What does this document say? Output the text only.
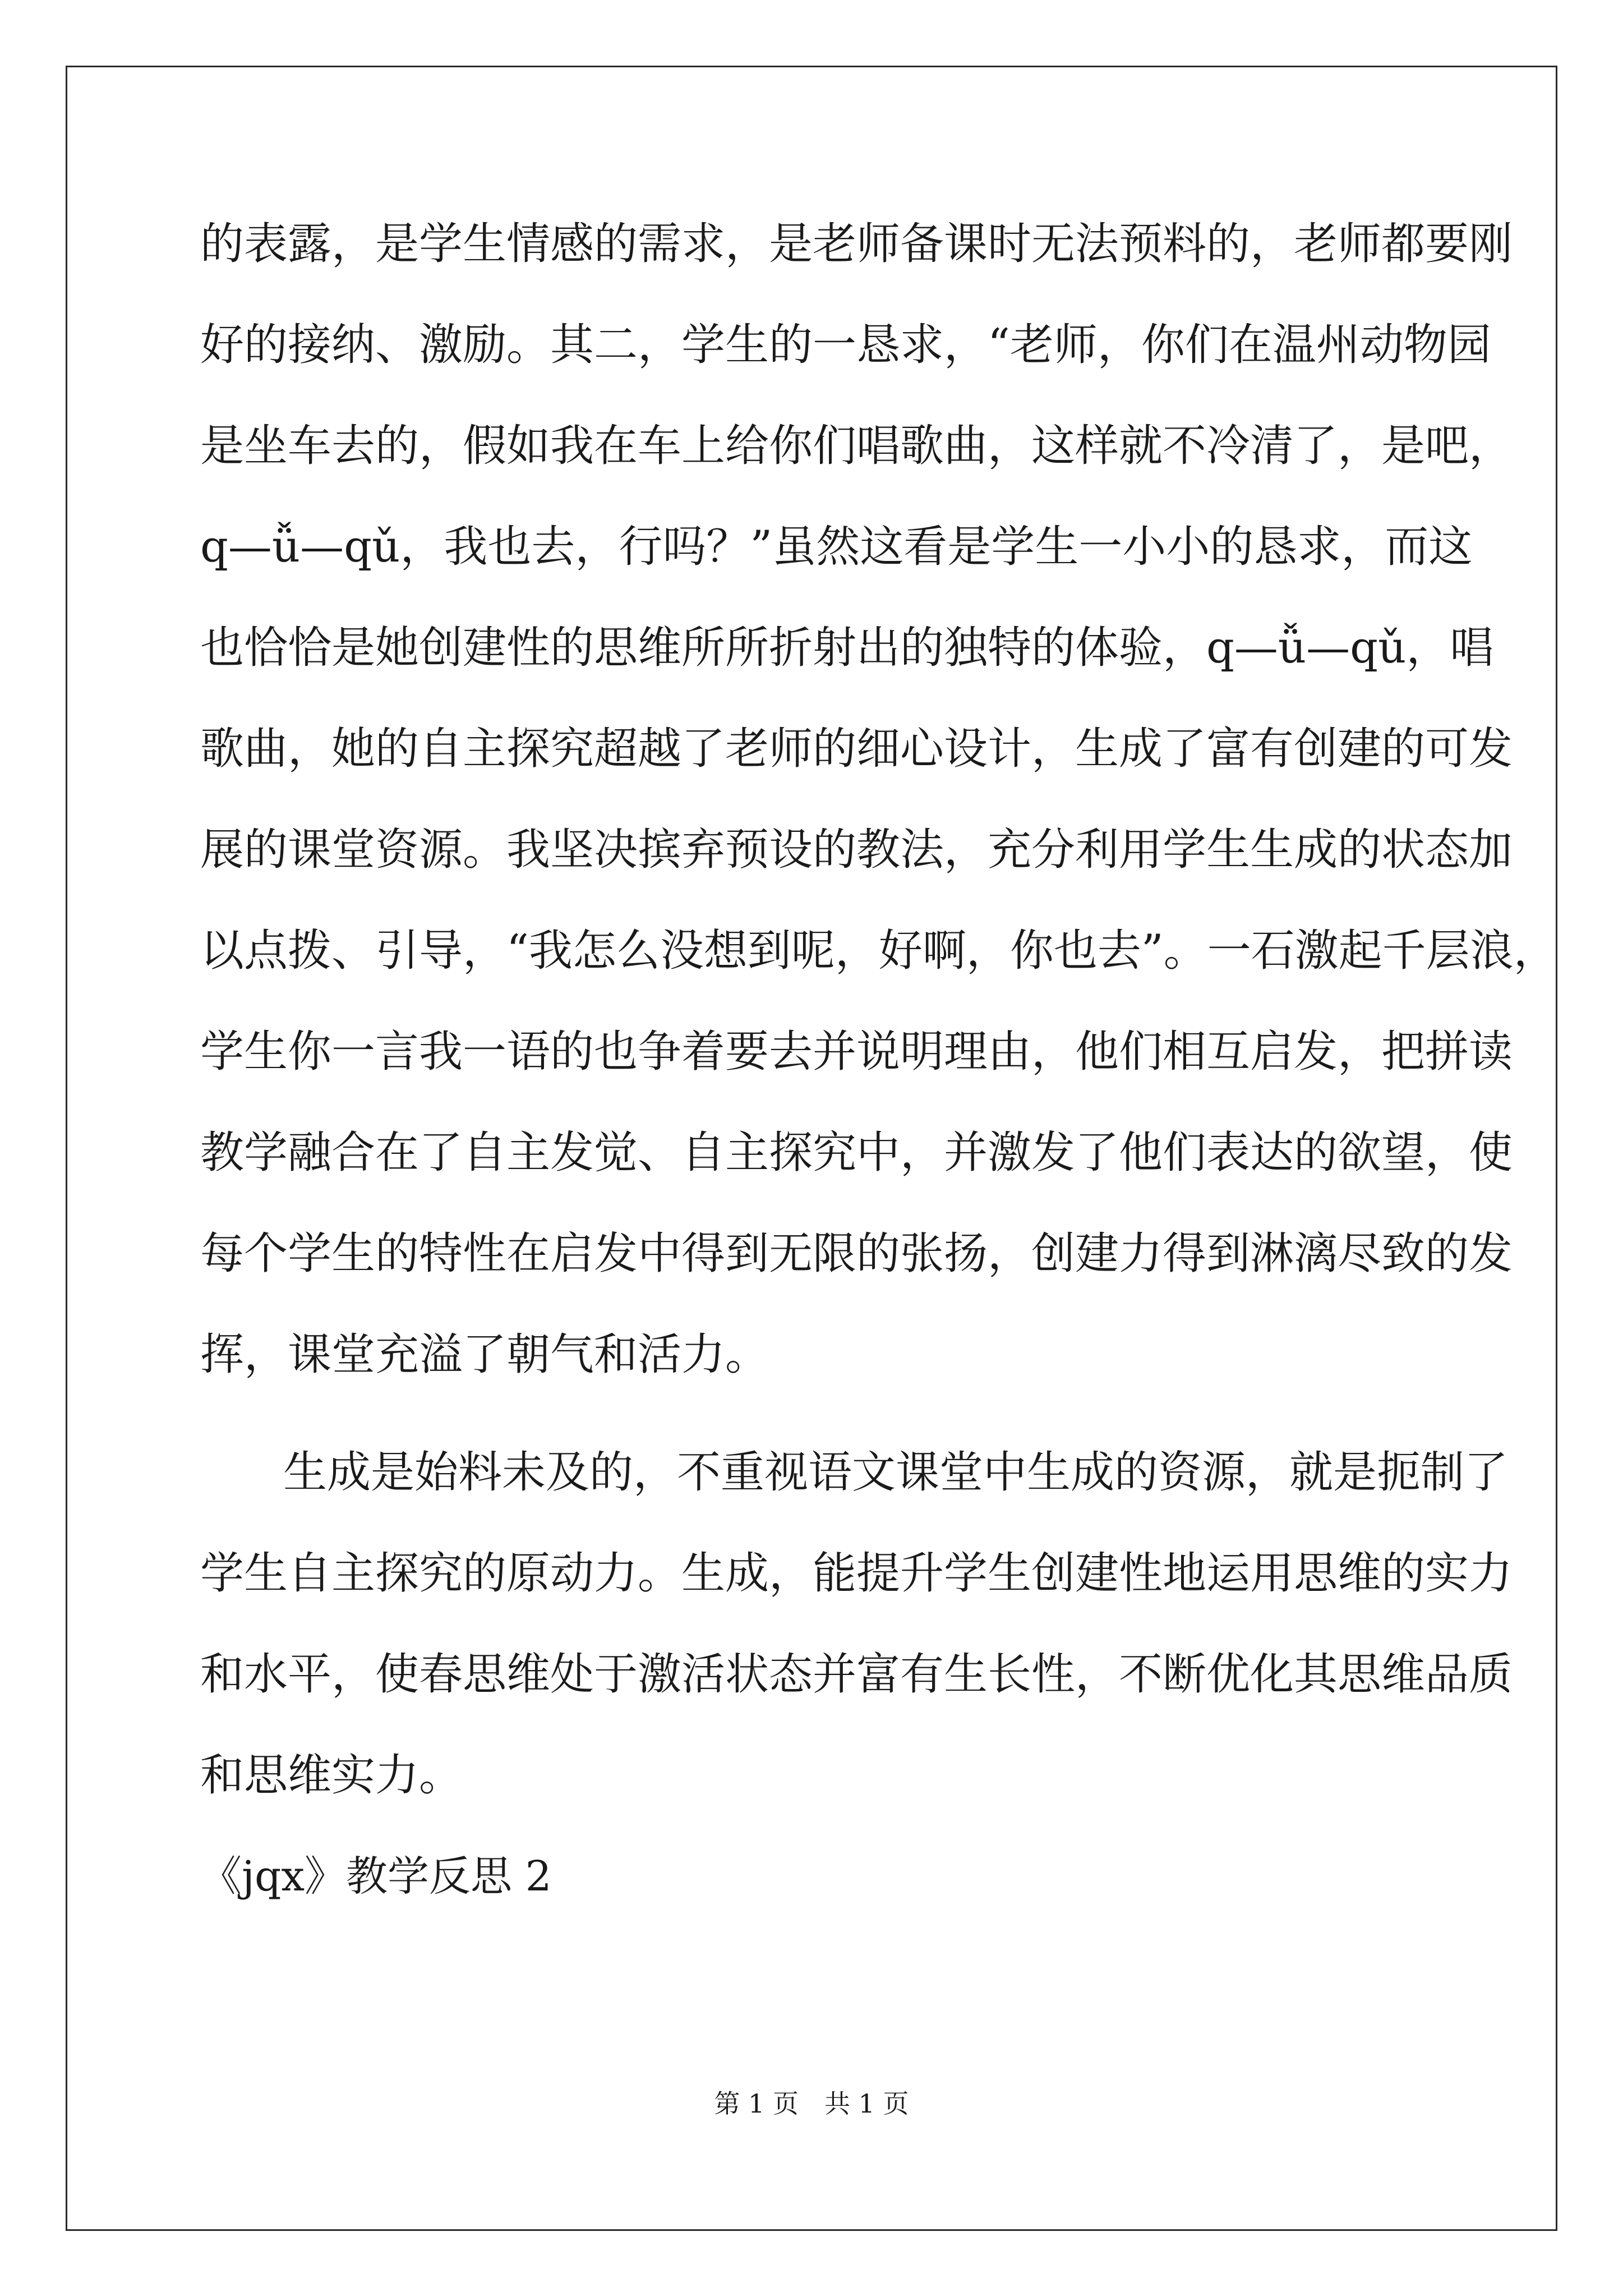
的表露，是学生情感的需求，是老师备课时无法预料的，老师都要刚
好的接纳、激励。其二，学生的一恳求，“老师，你们在温州动物园
是坐车去的，假如我在车上给你们唱歌曲，这样就不冷清了，是吧，
q—ǚ—qǔ，我也去，行吗？”虽然这看是学生一小小的恳求，而这
也恰恰是她创建性的思维所所折射出的独特的体验，q—ǚ—qǔ，唱
歌曲，她的自主探究超越了老师的细心设计，生成了富有创建的可发
展的课堂资源。我坚决摈弃预设的教法，充分利用学生生成的状态加
以点拨、引导，“我怎么没想到呢，好啊，你也去”。一石激起千层浪，
学生你一言我一语的也争着要去并说明理由，他们相互启发，把拼读
教学融合在了自主发觉、自主探究中，并激发了他们表达的欲望，使
每个学生的特性在启发中得到无限的张扬，创建力得到淋漓尽致的发
挥，课堂充溢了朝气和活力。
生成是始料未及的，不重视语文课堂中生成的资源，就是扼制了
学生自主探究的原动力。生成，能提升学生创建性地运用思维的实力
和水平，使春思维处于激活状态并富有生长性，不断优化其思维品质
和思维实力。
《jqx》教学反思 2
第 1 页　共 1 页
